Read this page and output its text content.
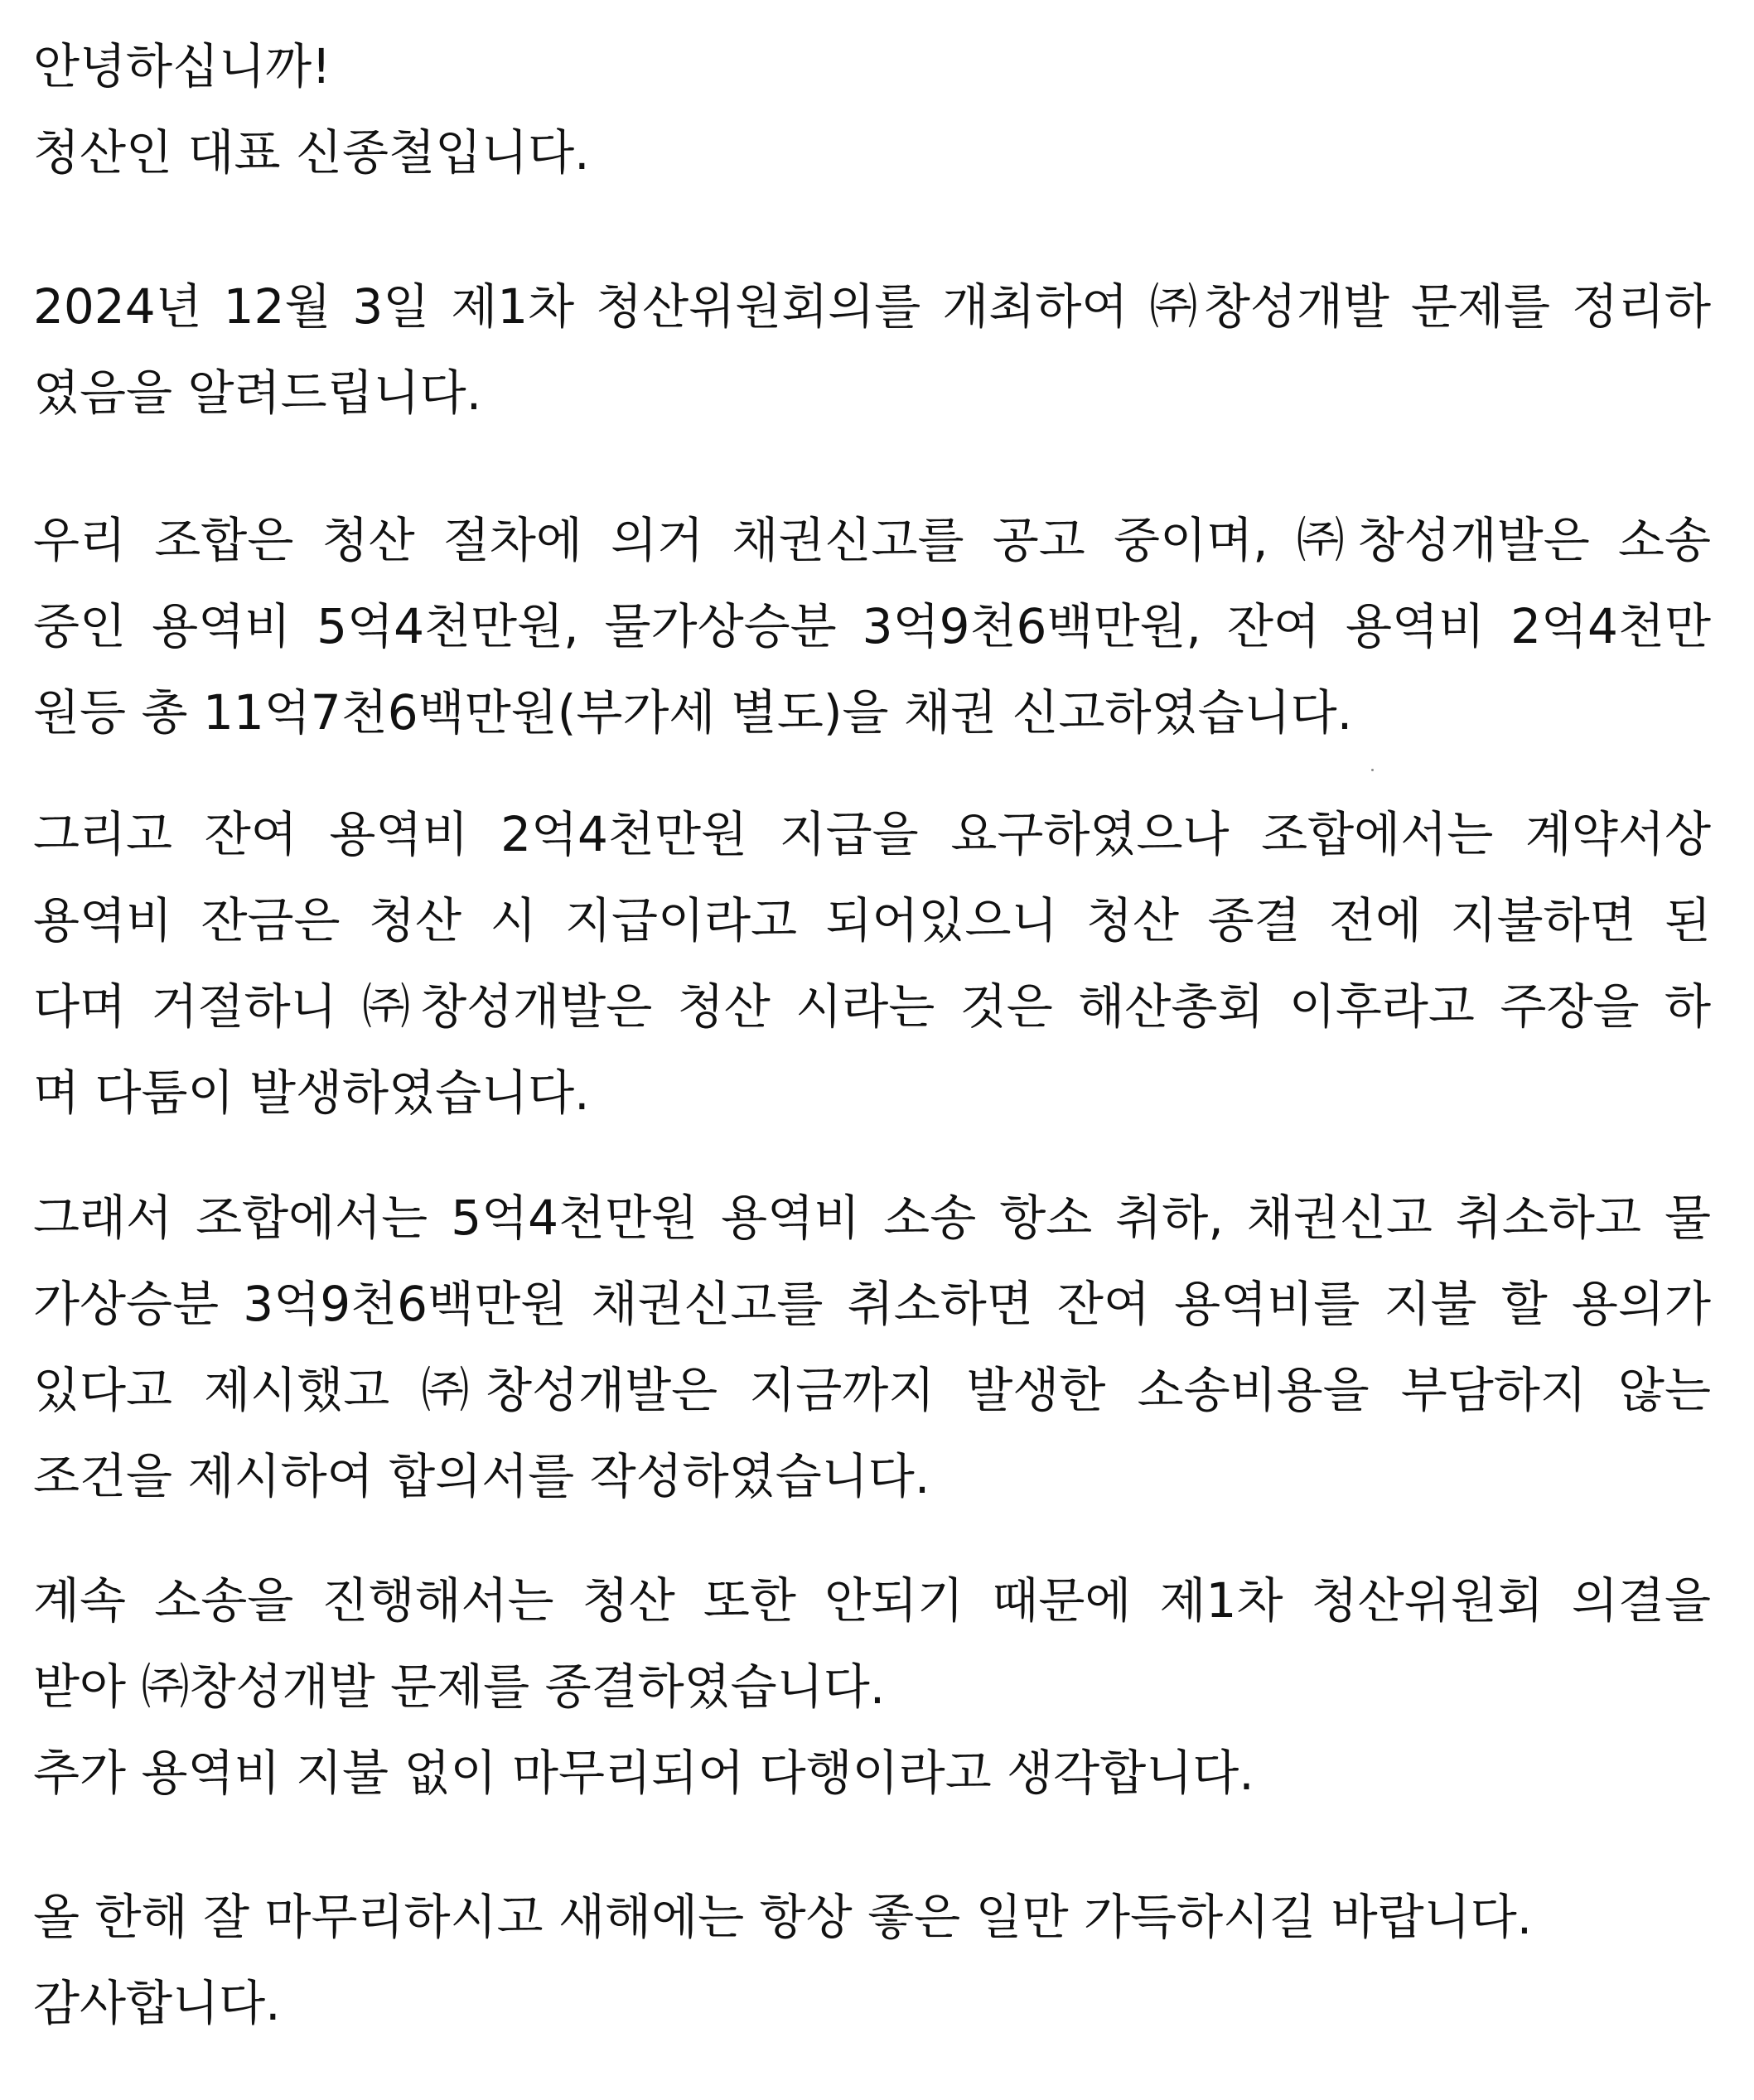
안녕하십니까!
청산인 대표 신종철입니다.
2024년 12월 3일 제1차 청산위원회의를 개최하여 ㈜창성개발 문제를 정리하
였음을 알려드립니다.
우리 조합은 청산 절차에 의거 채권신고를 공고 중이며, ㈜창성개발은 소송
중인 용역비 5억4천만원, 물가상승분 3억9천6백만원, 잔여 용역비 2억4천만
원등 총 11억7천6백만원(부가세 별도)을 채권 신고하였습니다.
그리고 잔여 용역비 2억4천만원 지급을 요구하였으나 조합에서는 계약서상
용역비 잔금은 청산 시 지급이라고 되어있으니 청산 종결 전에 지불하면 된
다며 거절하니 ㈜창성개발은 청산 시라는 것은 해산총회 이후라고 주장을 하
며 다툼이 발생하였습니다.
그래서 조합에서는 5억4천만원 용역비 소송 항소 취하, 채권신고 취소하고 물
가상승분 3억9천6백만원 채권신고를 취소하면 잔여 용역비를 지불 할 용의가
있다고 제시했고 ㈜창성개발은 지금까지 발생한 소송비용을 부담하지 않는
조건을 제시하여 합의서를 작성하였습니다.
계속 소송을 진행해서는 청산 또한 안되기 때문에 제1차 청산위원회 의결을
받아 ㈜창성개발 문제를 종결하였습니다.
추가 용역비 지불 없이 마무리되어 다행이라고 생각합니다.
올 한해 잘 마무리하시고 새해에는 항상 좋은 일만 가득하시길 바랍니다.
감사합니다.
